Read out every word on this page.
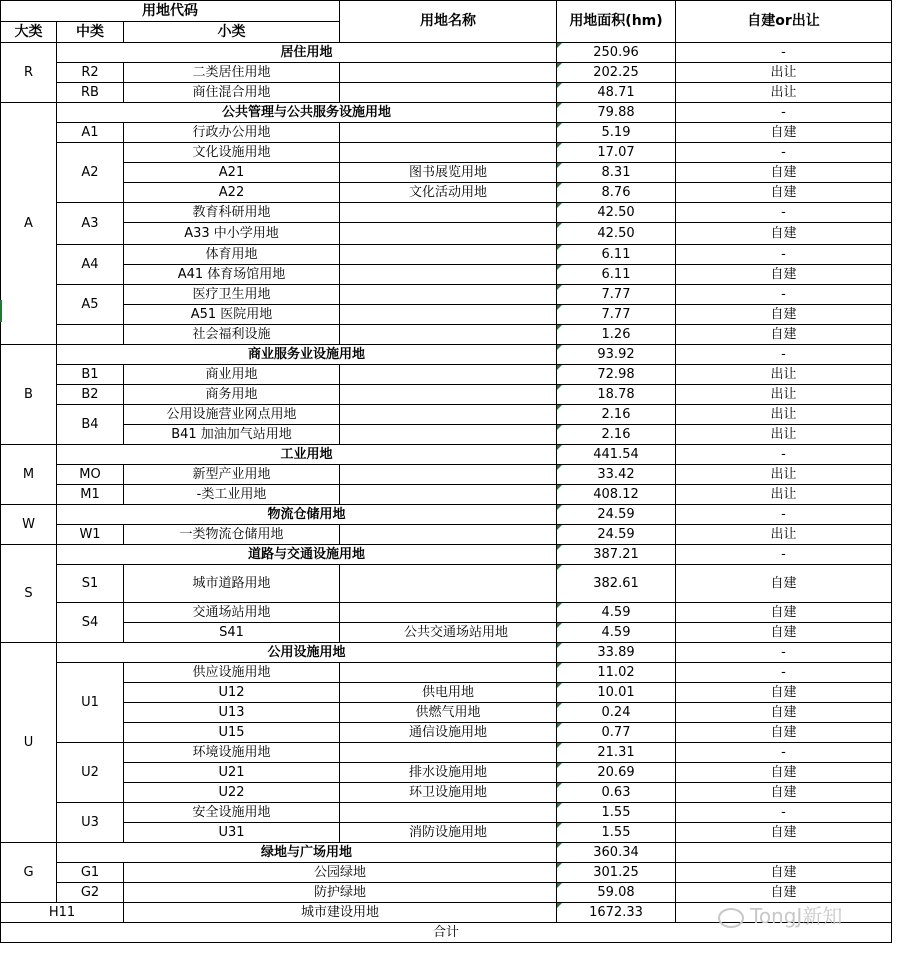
用地代码			用地名称	用地面积(hm)	自建or出让
大类	中类	小类			
R	居住用地			250.96	-
	R2	二类居住用地		202.25	出让
	RB	商住混合用地		48.71	出让
A	公共管理与公共服务设施用地			79.88	-
	A1	行政办公用地		5.19	自建
	A2	文化设施用地		17.07	-
		A21	图书展览用地	8.31	自建
		A22	文化活动用地	8.76	自建
	A3	教育科研用地		42.50	-
		A33 中小学用地		42.50	自建
	A4	体育用地		6.11	-
		A41 体育场馆用地		6.11	自建
	A5	医疗卫生用地		7.77	-
		A51 医院用地		7.77	自建
		社会福利设施		1.26	自建
B	商业服务业设施用地			93.92	-
	B1	商业用地		72.98	出让
	B2	商务用地		18.78	出让
	B4	公用设施营业网点用地		2.16	出让
		B41 加油加气站用地		2.16	出让
M	工业用地			441.54	-
	MO	新型产业用地		33.42	出让
	M1	-类工业用地		408.12	出让
W	物流仓储用地			24.59	-
	W1	一类物流仓储用地		24.59	出让
S	道路与交通设施用地			387.21	-
	S1	城市道路用地		382.61	自建
	S4	交通场站用地		4.59	自建
		S41	公共交通场站用地	4.59	自建
U	公用设施用地			33.89	-
	U1	供应设施用地		11.02	-
		U12	供电用地	10.01	自建
		U13	供燃气用地	0.24	自建
		U15	通信设施用地	0.77	自建
	U2	环境设施用地		21.31	-
		U21	排水设施用地	20.69	自建
		U22	环卫设施用地	0.63	自建
	U3	安全设施用地		1.55	-
		U31	消防设施用地	1.55	自建
G	绿地与广场用地			360.34	
	G1	公园绿地		301.25	自建
	G2	防护绿地		59.08	自建
H11		城市建设用地		1672.33	
合计					
TongJ新知
